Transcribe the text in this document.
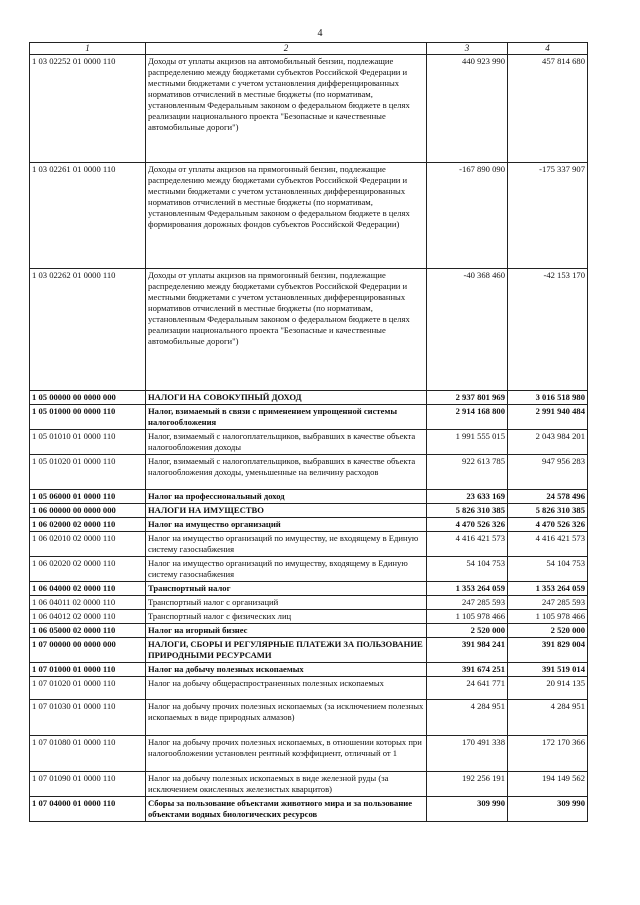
4
1	2	3	4
1 03 02252 01 0000 110	Доходы от уплаты акцизов на автомобильный бензин, подлежащие распределению между бюджетами субъектов Российской Федерации и местными бюджетами с учетом установления дифференцированных нормативов отчислений в местные бюджеты (по нормативам, установленным Федеральным законом о федеральном бюджете в целях реализации национального проекта "Безопасные и качественные автомобильные дороги")	440 923 990	457 814 680
1 03 02261 01 0000 110	Доходы от уплаты акцизов на прямогонный бензин, подлежащие распределению между бюджетами субъектов Российской Федерации и местными бюджетами с учетом установленных дифференцированных нормативов отчислений в местные бюджеты (по нормативам, установленным Федеральным законом о федеральном бюджете в целях формирования дорожных фондов субъектов Российской Федерации)	-167 890 090	-175 337 907
1 03 02262 01 0000 110	Доходы от уплаты акцизов на прямогонный бензин, подлежащие распределению между бюджетами субъектов Российской Федерации и местными бюджетами с учетом установленных дифференцированных нормативов отчислений в местные бюджеты (по нормативам, установленным Федеральным законом о федеральном бюджете в целях реализации национального проекта "Безопасные и качественные автомобильные дороги")	-40 368 460	-42 153 170
1 05 00000 00 0000 000	НАЛОГИ НА СОВОКУПНЫЙ ДОХОД	2 937 801 969	3 016 518 980
1 05 01000 00 0000 110	Налог, взимаемый в связи с применением упрощенной системы налогообложения	2 914 168 800	2 991 940 484
1 05 01010 01 0000 110	Налог, взимаемый с налогоплательщиков, выбравших в качестве объекта налогообложения доходы	1 991 555 015	2 043 984 201
1 05 01020 01 0000 110	Налог, взимаемый с налогоплательщиков, выбравших в качестве объекта налогообложения доходы, уменьшенные на величину расходов	922 613 785	947 956 283
1 05 06000 01 0000 110	Налог на профессиональный доход	23 633 169	24 578 496
1 06 00000 00 0000 000	НАЛОГИ НА ИМУЩЕСТВО	5 826 310 385	5 826 310 385
1 06 02000 02 0000 110	Налог на имущество организаций	4 470 526 326	4 470 526 326
1 06 02010 02 0000 110	Налог на имущество организаций по имуществу, не входящему в Единую систему газоснабжения	4 416 421 573	4 416 421 573
1 06 02020 02 0000 110	Налог на имущество организаций по имуществу, входящему в Единую систему газоснабжения	54 104 753	54 104 753
1 06 04000 02 0000 110	Транспортный налог	1 353 264 059	1 353 264 059
1 06 04011 02 0000 110	Транспортный налог с организаций	247 285 593	247 285 593
1 06 04012 02 0000 110	Транспортный налог с физических лиц	1 105 978 466	1 105 978 466
1 06 05000 02 0000 110	Налог на игорный бизнес	2 520 000	2 520 000
1 07 00000 00 0000 000	НАЛОГИ, СБОРЫ И РЕГУЛЯРНЫЕ ПЛАТЕЖИ ЗА ПОЛЬЗОВАНИЕ ПРИРОДНЫМИ РЕСУРСАМИ	391 984 241	391 829 004
1 07 01000 01 0000 110	Налог на добычу полезных ископаемых	391 674 251	391 519 014
1 07 01020 01 0000 110	Налог на добычу общераспространенных полезных ископаемых	24 641 771	20 914 135
1 07 01030 01 0000 110	Налог на добычу прочих полезных ископаемых (за исключением полезных ископаемых в виде природных алмазов)	4 284 951	4 284 951
1 07 01080 01 0000 110	Налог на добычу прочих полезных ископаемых, в отношении которых при налогообложении установлен рентный коэффициент, отличный от 1	170 491 338	172 170 366
1 07 01090 01 0000 110	Налог на добычу полезных ископаемых в виде железной руды (за исключением окисленных железистых кварцитов)	192 256 191	194 149 562
1 07 04000 01 0000 110	Сборы за пользование объектами животного мира и за пользование объектами водных биологических ресурсов	309 990	309 990
